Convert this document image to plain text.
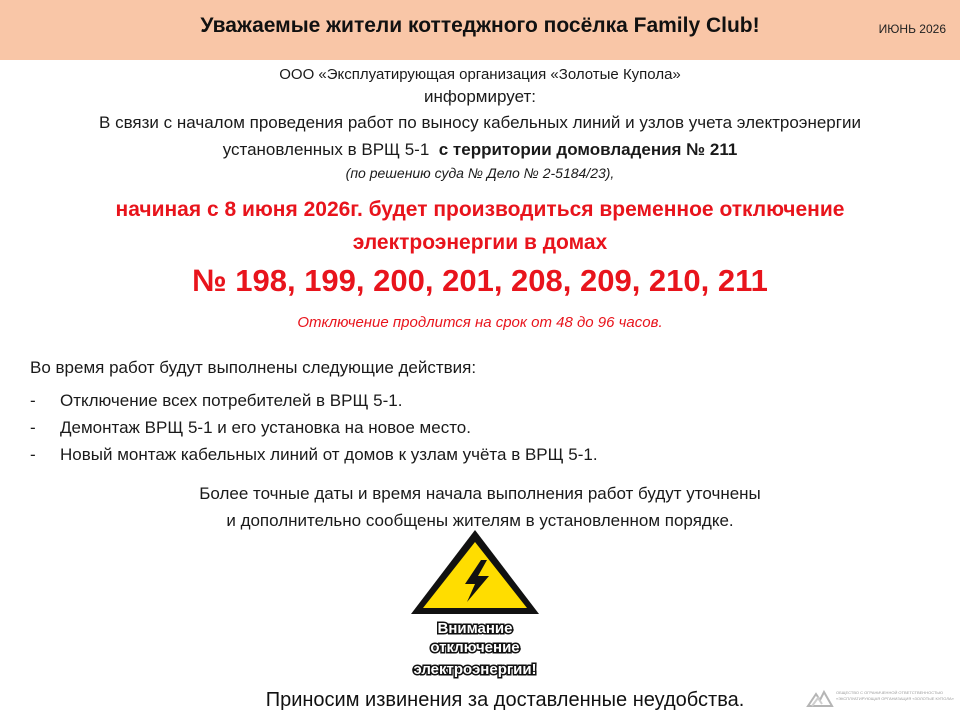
Уважаемые жители коттеджного посёлка Family Club!	ИЮНЬ 2026
ООО «Эксплуатирующая организация «Золотые Купола»
информирует:
В связи с началом проведения работ по выносу кабельных линий и узлов учета электроэнергии
установленных в ВРЩ 5-1 с территории домовладения № 211
(по решению суда № Дело № 2-5184/23),
начиная с 8 июня 2026г. будет производиться временное отключение
электроэнергии в домах
№ 198, 199, 200, 201, 208, 209, 210, 211
Отключение продлится на срок от 48 до 96 часов.
Во время работ будут выполнены следующие действия:
-	Отключение всех потребителей в ВРЩ 5-1.
-	Демонтаж ВРЩ 5-1 и его установка на новое место.
-	Новый монтаж кабельных линий от домов к узлам учёта в ВРЩ 5-1.
Более точные даты и время начала выполнения работ будут уточнены
и дополнительно сообщены жителям в установленном порядке.
Внимание
отключение
электроэнергии!
Приносим извинения за доставленные неудобства.	ОБЩЕСТВО С ОГРАНИЧЕННОЙ ОТВЕТСТВЕННОСТЬЮ «ЭКСПЛУАТИРУЮЩАЯ ОРГАНИЗАЦИЯ «ЗОЛОТЫЕ КУПОЛА»
